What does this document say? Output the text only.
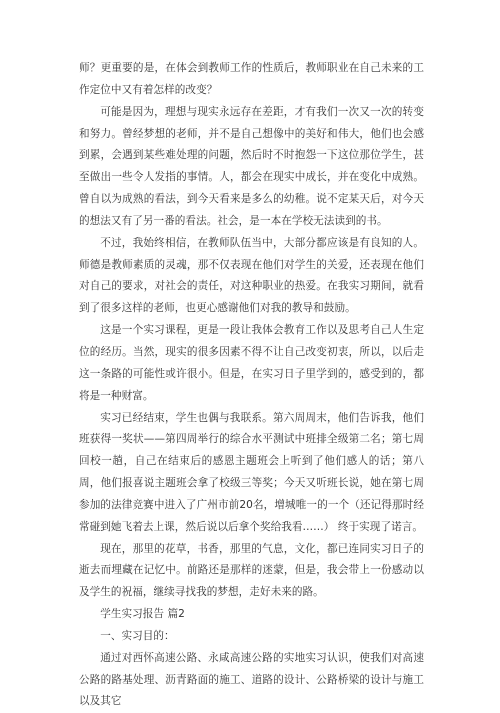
师？更重要的是，在体会到教师工作的性质后，教师职业在自己未来的工作定位中又有着怎样的改变？

可能是因为，理想与现实永远存在差距，才有我们一次又一次的转变和努力。曾经梦想的老师，并不是自己想像中的美好和伟大，他们也会感到累，会遇到某些难处理的问题，然后时不时抱怨一下这位那位学生，甚至做出一些令人发指的事情。人，都会在现实中成长，并在变化中成熟。曾自以为成熟的看法，到今天看来是多么的幼稚。说不定某天后，对今天的想法又有了另一番的看法。社会，是一本在学校无法读到的书。

不过，我始终相信，在教师队伍当中，大部分都应该是有良知的人。师德是教师素质的灵魂，那不仅表现在他们对学生的关爱，还表现在他们对自己的要求，对社会的责任，对这种职业的热爱。在我实习期间，就看到了很多这样的老师，也更心感谢他们对我的教导和鼓励。

这是一个实习课程，更是一段让我体会教育工作以及思考自己人生定位的经历。当然，现实的很多因素不得不让自己改变初衷，所以，以后走这一条路的可能性或许很小。但是，在实习日子里学到的，感受到的，都将是一种财富。

实习已经结束，学生也偶与我联系。第六周周末，他们告诉我，他们班获得一奖状——第四周举行的综合水平测试中班排全级第二名；第七周回校一趟，自己在结束后的感恩主题班会上听到了他们感人的话；第八周，他们报喜说主题班会拿了校级三等奖；今天又听班长说，她在第七周参加的法律竞赛中进入了广州市前20名，增城唯一的一个（还记得那时经常碰到她飞着去上课，然后说以后拿个奖给我看……） 终于实现了诺言。

现在，那里的花草，书香，那里的气息，文化，都已连同实习日子的逝去而埋藏在记忆中。前路还是那样的迷蒙，但是，我会带上一份感动以及学生的祝福，继续寻找我的梦想，走好未来的路。

学生实习报告 篇2

一、实习目的：

通过对西怀高速公路、永咸高速公路的实地实习认识，使我们对高速公路的路基处理、沥青路面的施工、道路的设计、公路桥梁的设计与施工以及其它
